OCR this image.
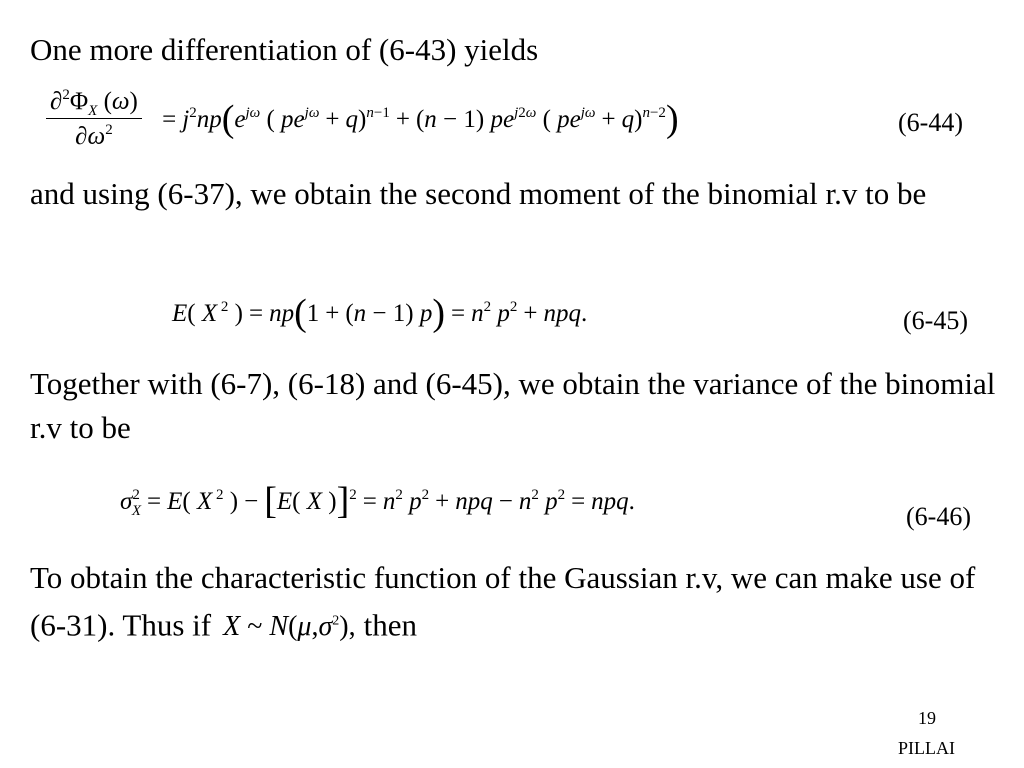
One more differentiation of (6-43) yields

$\frac{\partial^2\Phi_X (\omega)}{\partial\omega^2} = j^2np(e^{j\omega}$ ( $pe^{j\omega} + q)^{n-1} + (n - 1)$ $pe^{j2\omega}$ ( $pe^{j\omega} + q)^{n-2}$)	(6-44)

and using (6-37), we obtain the second moment of the binomial r.v to be

E( X $^2$ ) = np(1 + (n − 1) $p) = n^2$ $p^2$ + npq.	(6-45)

Together with (6-7), (6-18) and (6-45), we obtain the variance of the binomial r.v to be

$\sigma^2_X = E$( X $^2$ ) − [E( X )]$^2 = n^2$ $p^2$ + npq − $n^2$ $p^2$ = npq.
(6-46)

To obtain the characteristic function of the Gaussian r.v, we can make use of (6-31). Thus if X ~ $N(\mu,\sigma^2)$, then

19
PILLAI
